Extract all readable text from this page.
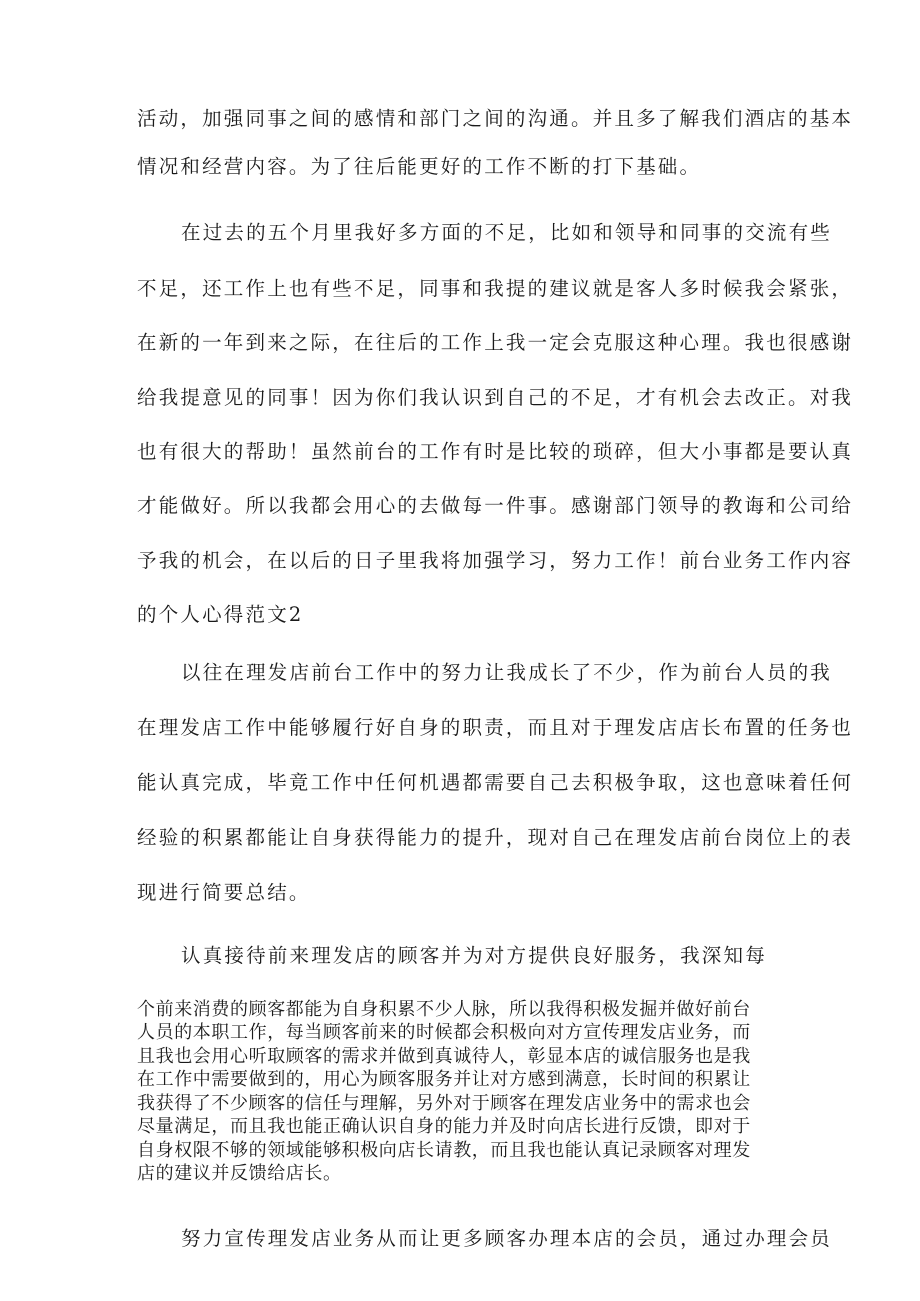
活动，加强同事之间的感情和部门之间的沟通。并且多了解我们酒店的基本
情况和经营内容。为了往后能更好的工作不断的打下基础。
在过去的五个月里我好多方面的不足，比如和领导和同事的交流有些
不足，还工作上也有些不足，同事和我提的建议就是客人多时候我会紧张，
在新的一年到来之际，在往后的工作上我一定会克服这种心理。我也很感谢
给我提意见的同事！因为你们我认识到自己的不足，才有机会去改正。对我
也有很大的帮助！虽然前台的工作有时是比较的琐碎，但大小事都是要认真
才能做好。所以我都会用心的去做每一件事。感谢部门领导的教诲和公司给
予我的机会，在以后的日子里我将加强学习，努力工作！前台业务工作内容
的个人心得范文2
以往在理发店前台工作中的努力让我成长了不少，作为前台人员的我
在理发店工作中能够履行好自身的职责，而且对于理发店店长布置的任务也
能认真完成，毕竟工作中任何机遇都需要自己去积极争取，这也意味着任何
经验的积累都能让自身获得能力的提升，现对自己在理发店前台岗位上的表
现进行简要总结。
认真接待前来理发店的顾客并为对方提供良好服务，我深知每
个前来消费的顾客都能为自身积累不少人脉，所以我得积极发掘并做好前台
人员的本职工作，每当顾客前来的时候都会积极向对方宣传理发店业务，而
且我也会用心听取顾客的需求并做到真诚待人，彰显本店的诚信服务也是我
在工作中需要做到的，用心为顾客服务并让对方感到满意，长时间的积累让
我获得了不少顾客的信任与理解，另外对于顾客在理发店业务中的需求也会
尽量满足，而且我也能正确认识自身的能力并及时向店长进行反馈，即对于
自身权限不够的领域能够积极向店长请教，而且我也能认真记录顾客对理发
店的建议并反馈给店长。
努力宣传理发店业务从而让更多顾客办理本店的会员，通过办理会员
